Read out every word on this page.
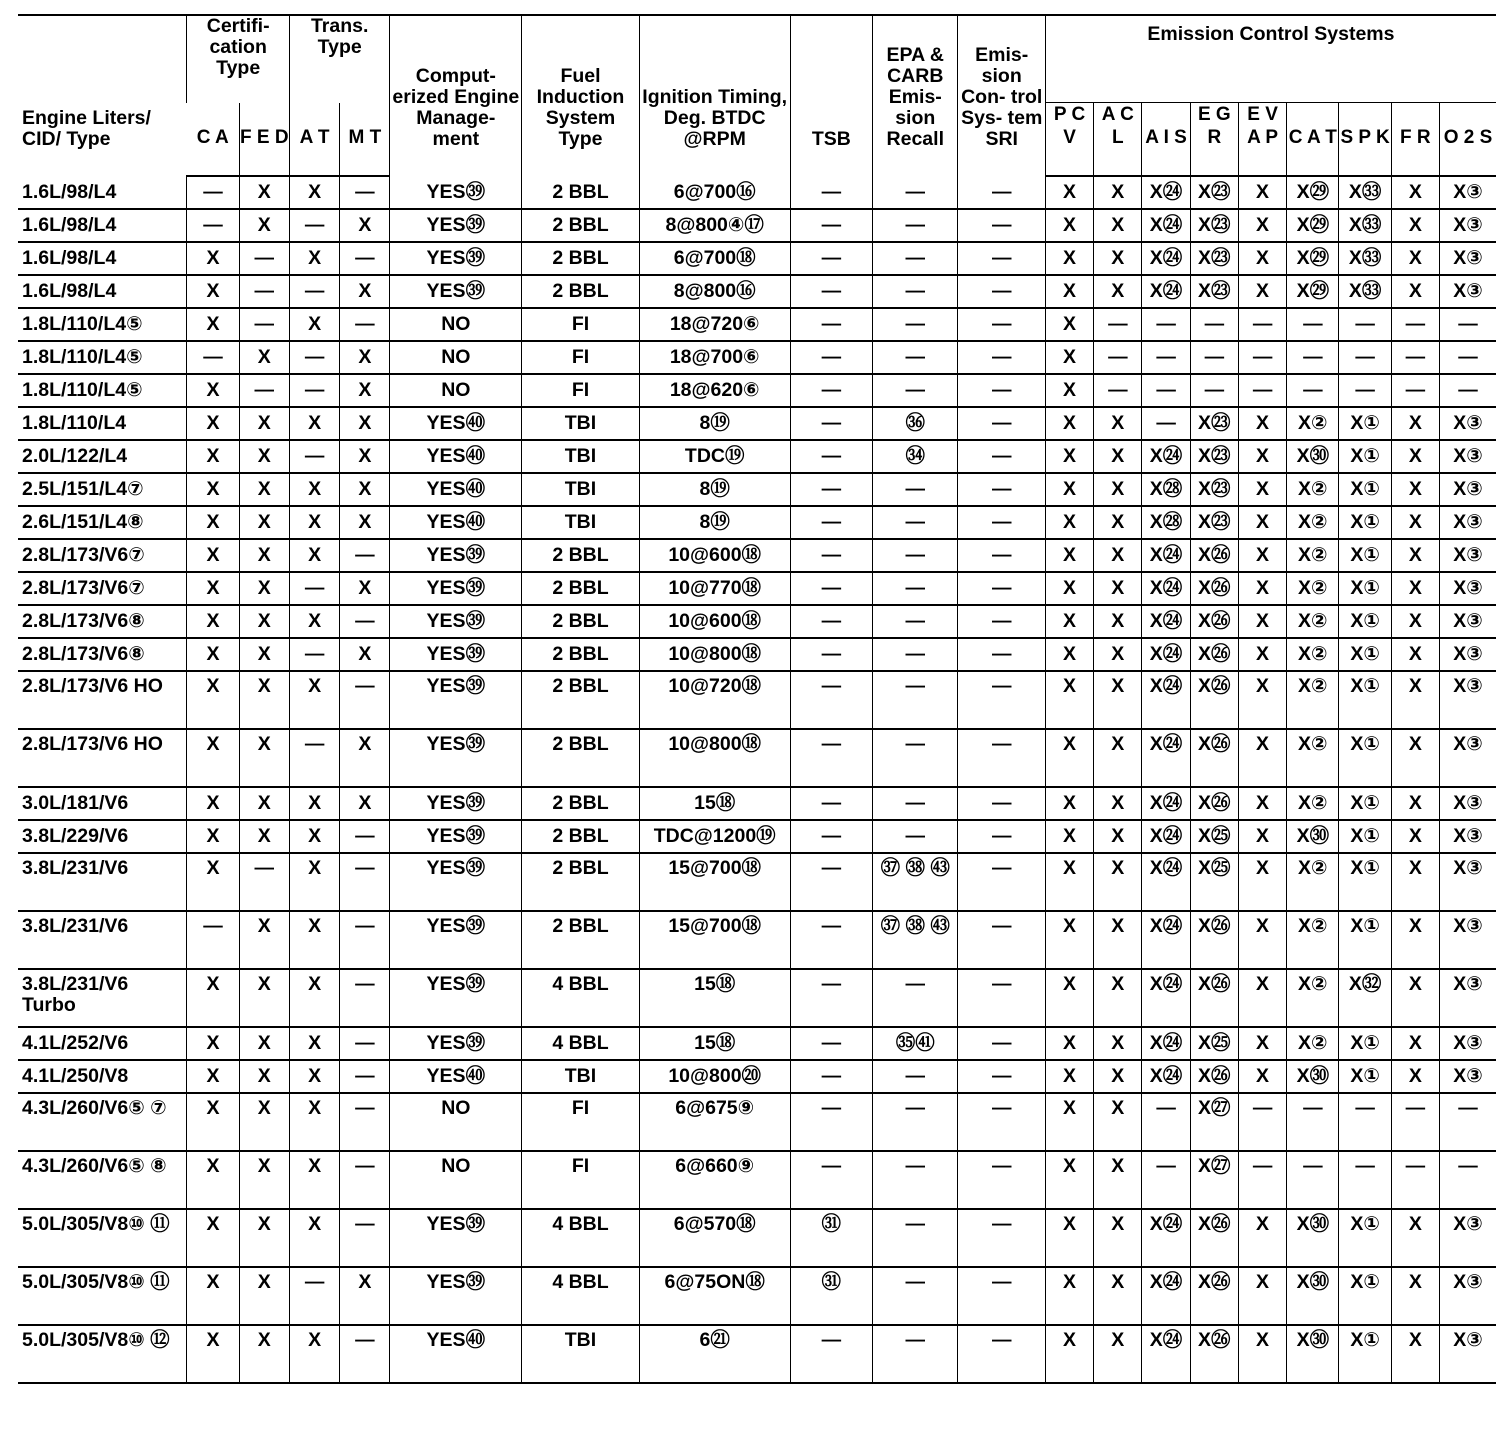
Engine Liters/ CID/ Type	Certifi- cation Type		Trans. Type		Comput- erized Engine Manage- ment	Fuel Induction System Type	Ignition Timing, Deg. BTDC @RPM	TSB	EPA & CARB Emis- sion Recall	Emis- sion Con- trol Sys- tem SRI	Emission Control Systems								
	C A	F E D	A T	M T							P C V	A C L	A I S	E G R	E V A P	C A T	S P K	F R	O 2 S
1.6L/98/L4	—	X	X	—	YES㊴	2 BBL	6@700⑯	—	—	—	X	X	X㉔	X㉓	X	X㉙	X㉝	X	X③
1.6L/98/L4	—	X	—	X	YES㊴	2 BBL	8@800④⑰	—	—	—	X	X	X㉔	X㉓	X	X㉙	X㉝	X	X③
1.6L/98/L4	X	—	X	—	YES㊴	2 BBL	6@700⑱	—	—	—	X	X	X㉔	X㉓	X	X㉙	X㉝	X	X③
1.6L/98/L4	X	—	—	X	YES㊴	2 BBL	8@800⑯	—	—	—	X	X	X㉔	X㉓	X	X㉙	X㉝	X	X③
1.8L/110/L4⑤	X	—	X	—	NO	FI	18@720⑥	—	—	—	X	—	—	—	—	—	—	—	—
1.8L/110/L4⑤	—	X	—	X	NO	FI	18@700⑥	—	—	—	X	—	—	—	—	—	—	—	—
1.8L/110/L4⑤	X	—	—	X	NO	FI	18@620⑥	—	—	—	X	—	—	—	—	—	—	—	—
1.8L/110/L4	X	X	X	X	YES㊵	TBI	8⑲	—	㊱	—	X	X	—	X㉓	X	X②	X①	X	X③
2.0L/122/L4	X	X	—	X	YES㊵	TBI	TDC⑲	—	㉞	—	X	X	X㉔	X㉓	X	X㉚	X①	X	X③
2.5L/151/L4⑦	X	X	X	X	YES㊵	TBI	8⑲	—	—	—	X	X	X㉘	X㉓	X	X②	X①	X	X③
2.6L/151/L4⑧	X	X	X	X	YES㊵	TBI	8⑲	—	—	—	X	X	X㉘	X㉓	X	X②	X①	X	X③
2.8L/173/V6⑦	X	X	X	—	YES㊴	2 BBL	10@600⑱	—	—	—	X	X	X㉔	X㉖	X	X②	X①	X	X③
2.8L/173/V6⑦	X	X	—	X	YES㊴	2 BBL	10@770⑱	—	—	—	X	X	X㉔	X㉖	X	X②	X①	X	X③
2.8L/173/V6⑧	X	X	X	—	YES㊴	2 BBL	10@600⑱	—	—	—	X	X	X㉔	X㉖	X	X②	X①	X	X③
2.8L/173/V6⑧	X	X	—	X	YES㊴	2 BBL	10@800⑱	—	—	—	X	X	X㉔	X㉖	X	X②	X①	X	X③
2.8L/173/V6 HO	X	X	X	—	YES㊴	2 BBL	10@720⑱	—	—	—	X	X	X㉔	X㉖	X	X②	X①	X	X③
2.8L/173/V6 HO	X	X	—	X	YES㊴	2 BBL	10@800⑱	—	—	—	X	X	X㉔	X㉖	X	X②	X①	X	X③
3.0L/181/V6	X	X	X	X	YES㊴	2 BBL	15⑱	—	—	—	X	X	X㉔	X㉖	X	X②	X①	X	X③
3.8L/229/V6	X	X	X	—	YES㊴	2 BBL	TDC@1200⑲	—	—	—	X	X	X㉔	X㉕	X	X㉚	X①	X	X③
3.8L/231/V6	X	—	X	—	YES㊴	2 BBL	15@700⑱	—	㊲ ㊳ ㊸	—	X	X	X㉔	X㉕	X	X②	X①	X	X③
3.8L/231/V6	—	X	X	—	YES㊴	2 BBL	15@700⑱	—	㊲ ㊳ ㊸	—	X	X	X㉔	X㉖	X	X②	X①	X	X③
3.8L/231/V6 Turbo	X	X	X	—	YES㊴	4 BBL	15⑱	—	—	—	X	X	X㉔	X㉖	X	X②	X㉜	X	X③
4.1L/252/V6	X	X	X	—	YES㊴	4 BBL	15⑱	—	㉟㊶	—	X	X	X㉔	X㉕	X	X②	X①	X	X③
4.1L/250/V8	X	X	X	—	YES㊵	TBI	10@800⑳	—	—	—	X	X	X㉔	X㉖	X	X㉚	X①	X	X③
4.3L/260/V6⑤ ⑦	X	X	X	—	NO	FI	6@675⑨	—	—	—	X	X	—	X㉗	—	—	—	—	—
4.3L/260/V6⑤ ⑧	X	X	X	—	NO	FI	6@660⑨	—	—	—	X	X	—	X㉗	—	—	—	—	—
5.0L/305/V8⑩ ⑪	X	X	X	—	YES㊴	4 BBL	6@570⑱	㉛	—	—	X	X	X㉔	X㉖	X	X㉚	X①	X	X③
5.0L/305/V8⑩ ⑪	X	X	—	X	YES㊴	4 BBL	6@75ON⑱	㉛	—	—	X	X	X㉔	X㉖	X	X㉚	X①	X	X③
5.0L/305/V8⑩ ⑫	X	X	X	—	YES㊵	TBI	6㉑	—	—	—	X	X	X㉔	X㉖	X	X㉚	X①	X	X③
